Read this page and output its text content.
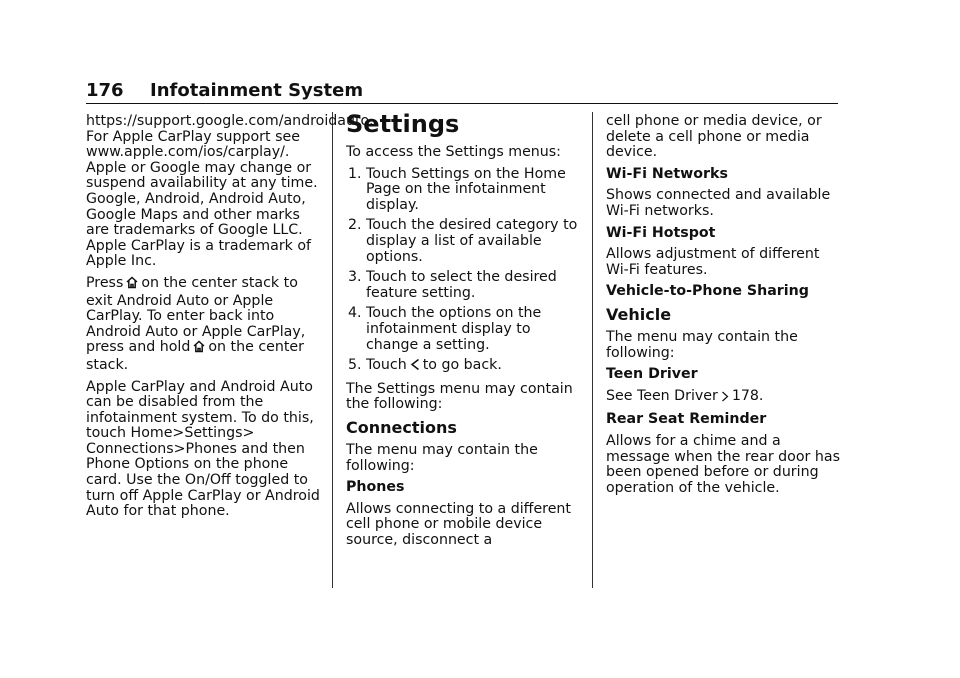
176 Infotainment System

https://support.google.com/androidauto. For Apple CarPlay support see www.apple.com/ios/carplay/. Apple or Google may change or suspend availability at any time. Google, Android, Android Auto, Google Maps and other marks are trademarks of Google LLC. Apple CarPlay is a trademark of Apple Inc.

Press on the center stack to exit Android Auto or Apple CarPlay. To enter back into Android Auto or Apple CarPlay, press and hold on the center stack.

Apple CarPlay and Android Auto can be disabled from the infotainment system. To do this, touch Home>Settings> Connections>Phones and then Phone Options on the phone card. Use the On/Off toggled to turn off Apple CarPlay or Android Auto for that phone.

Settings

To access the Settings menus:

1. Touch Settings on the Home Page on the infotainment display.
2. Touch the desired category to display a list of available options.
3. Touch to select the desired feature setting.
4. Touch the options on the infotainment display to change a setting.
5. Touch to go back.

The Settings menu may contain the following:

Connections

The menu may contain the following:

Phones

Allows connecting to a different cell phone or mobile device source, disconnect a

cell phone or media device, or delete a cell phone or media device.

Wi-Fi Networks

Shows connected and available Wi-Fi networks.

Wi-Fi Hotspot

Allows adjustment of different Wi-Fi features.

Vehicle-to-Phone Sharing

Vehicle

The menu may contain the following:

Teen Driver

See Teen Driver 178.

Rear Seat Reminder

Allows for a chime and a message when the rear door has been opened before or during operation of the vehicle.
